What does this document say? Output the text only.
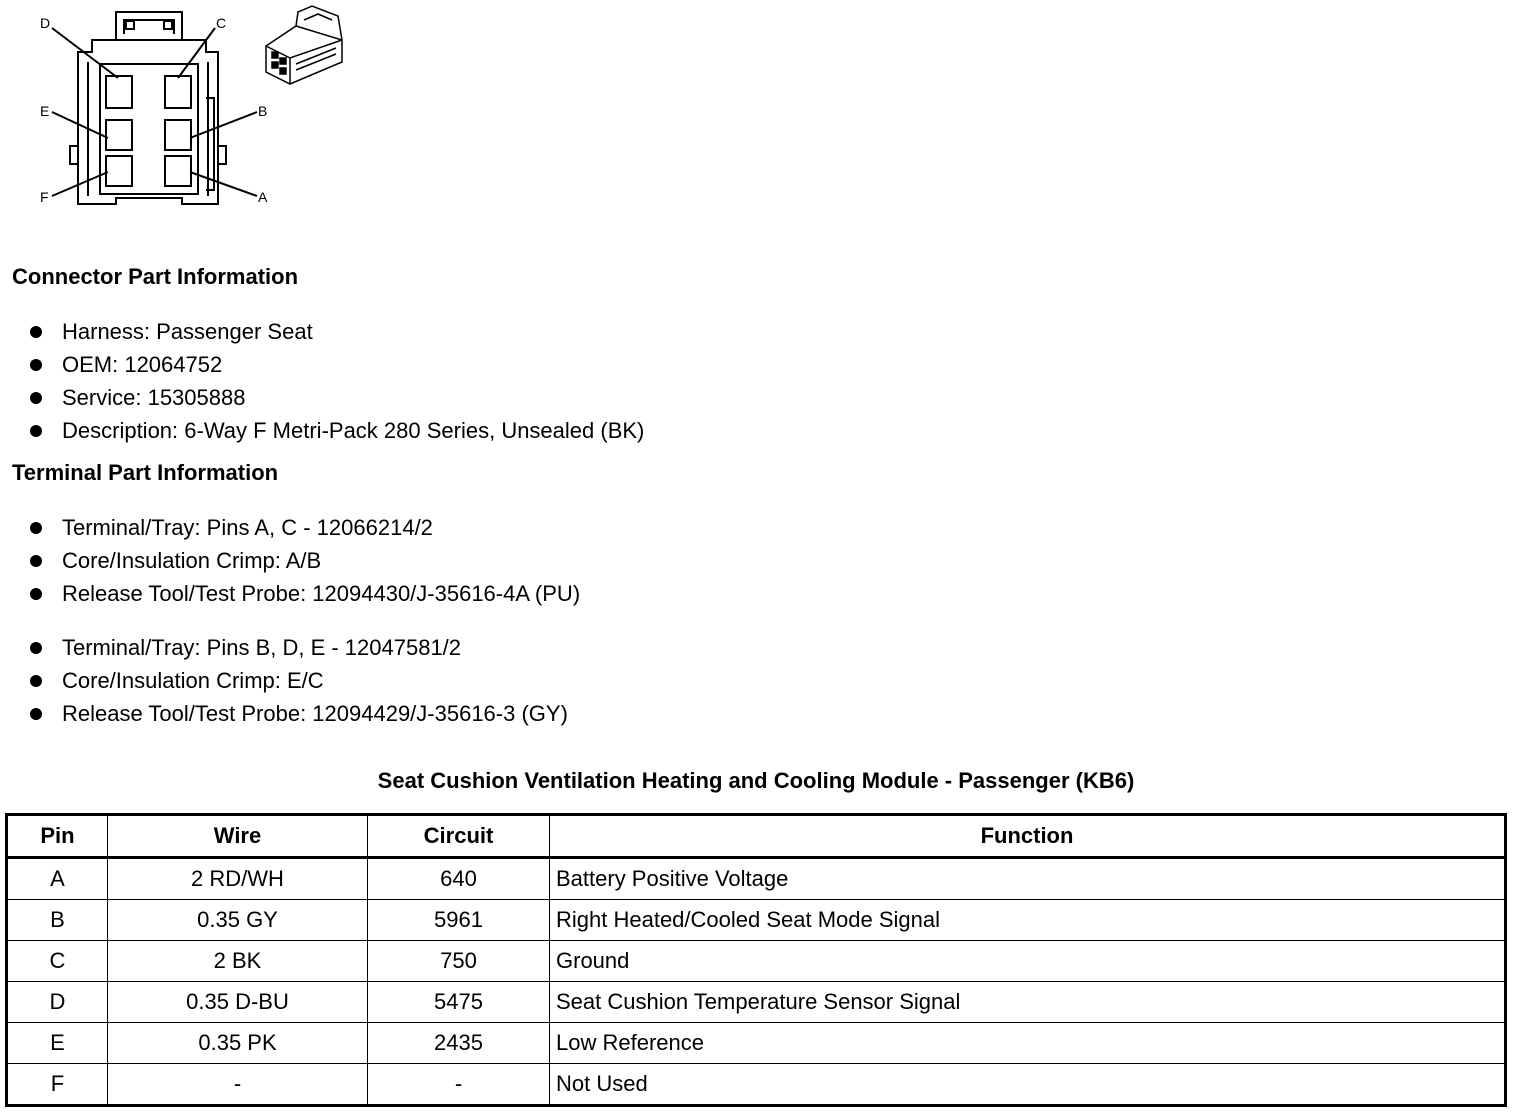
D	C
E	B
F	A
Connector Part Information
Harness: Passenger Seat
OEM: 12064752
Service: 15305888
Description: 6-Way F Metri-Pack 280 Series, Unsealed (BK)
Terminal Part Information
Terminal/Tray: Pins A, C - 12066214/2
Core/Insulation Crimp: A/B
Release Tool/Test Probe: 12094430/J-35616-4A (PU)
Terminal/Tray: Pins B, D, E - 12047581/2
Core/Insulation Crimp: E/C
Release Tool/Test Probe: 12094429/J-35616-3 (GY)
Seat Cushion Ventilation Heating and Cooling Module - Passenger (KB6)
Pin	Wire	Circuit	Function
A	2 RD/WH	640	Battery Positive Voltage
B	0.35 GY	5961	Right Heated/Cooled Seat Mode Signal
C	2 BK	750	Ground
D	0.35 D-BU	5475	Seat Cushion Temperature Sensor Signal
E	0.35 PK	2435	Low Reference
F	-	-	Not Used
